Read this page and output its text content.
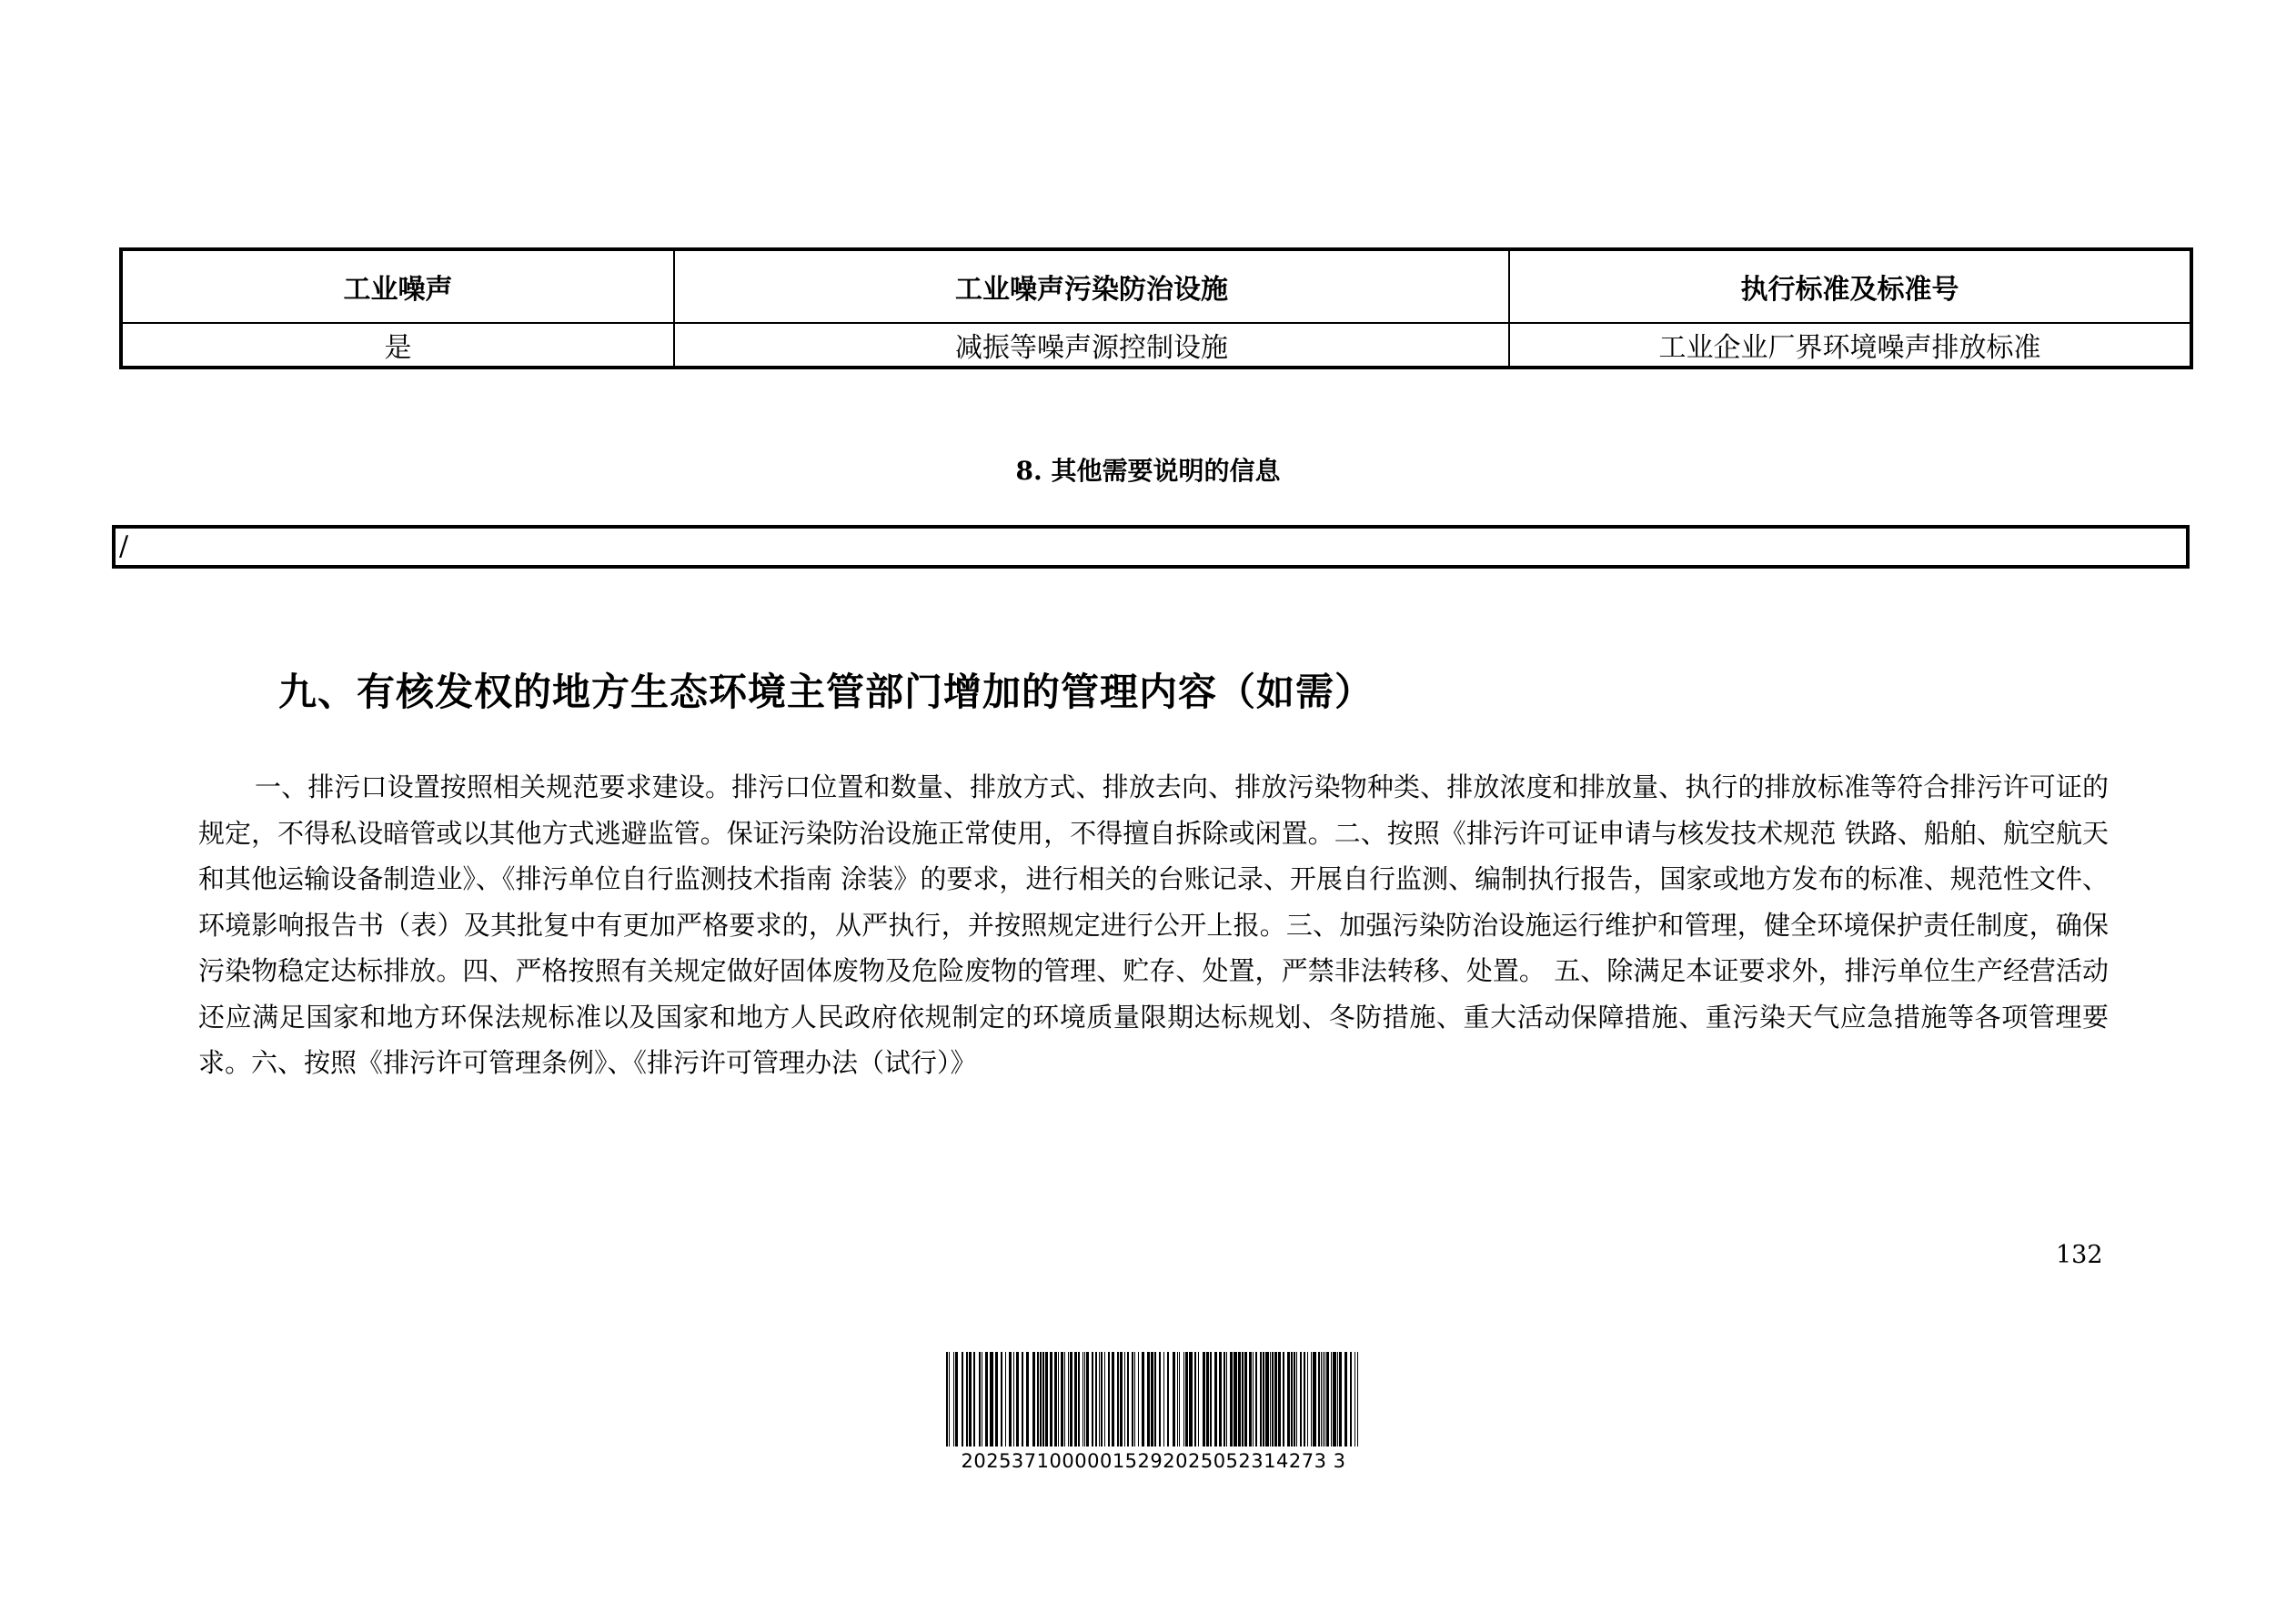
工业噪声	工业噪声污染防治设施	执行标准及标准号
是	减振等噪声源控制设施	工业企业厂界环境噪声排放标准
8. 其他需要说明的信息
/
九、有核发权的地方生态环境主管部门增加的管理内容（如需）

一、排污口设置按照相关规范要求建设。排污口位置和数量、排放方式、排放去向、排放污染物种类、排放浓度和排放量、执行的排放标准等符合排污许可证的规定，不得私设暗管或以其他方式逃避监管。保证污染防治设施正常使用，不得擅自拆除或闲置。二、按照《排污许可证申请与核发技术规范 铁路、船舶、航空航天和其他运输设备制造业》、《排污单位自行监测技术指南 涂装》的要求，进行相关的台账记录、开展自行监测、编制执行报告，国家或地方发布的标准、规范性文件、环境影响报告书（表）及其批复中有更加严格要求的，从严执行，并按照规定进行公开上报。三、加强污染防治设施运行维护和管理，健全环境保护责任制度，确保污染物稳定达标排放。四、严格按照有关规定做好固体废物及危险废物的管理、贮存、处置，严禁非法转移、处置。 五、除满足本证要求外，排污单位生产经营活动还应满足国家和地方环保法规标准以及国家和地方人民政府依规制定的环境质量限期达标规划、冬防措施、重大活动保障措施、重污染天气应急措施等各项管理要求。六、按照《排污许可管理条例》、《排污许可管理办法（试行）》

132
20253710000015292025052314273 3
